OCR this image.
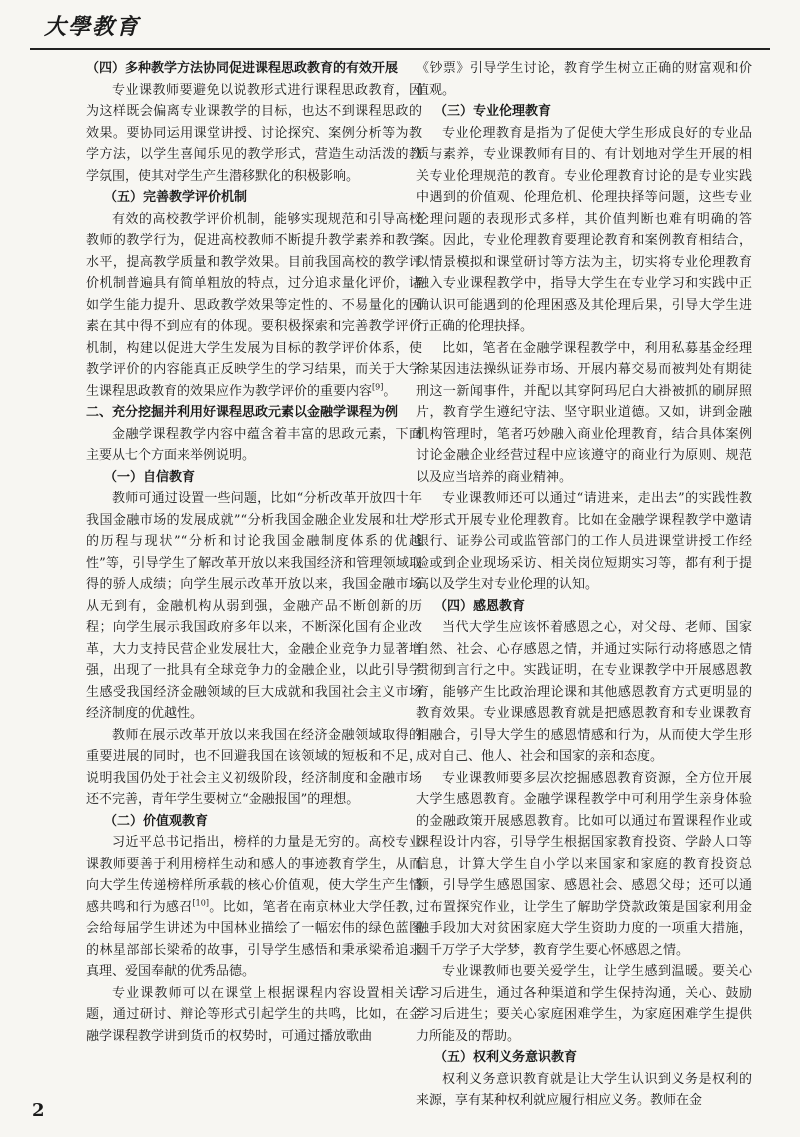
大學教育

（四）多种教学方法协同促进课程思政教育的有效开展

专业课教师要避免以说教形式进行课程思政教育，因为这样既会偏离专业课教学的目标，也达不到课程思政的效果。要协同运用课堂讲授、讨论探究、案例分析等为教学方法，以学生喜闻乐见的教学形式，营造生动活泼的教学氛围，使其对学生产生潜移默化的积极影响。

（五）完善教学评价机制

有效的高校教学评价机制，能够实现规范和引导高校教师的教学行为，促进高校教师不断提升教学素养和教学水平，提高教学质量和教学效果。目前我国高校的教学评价机制普遍具有简单粗放的特点，过分追求量化评价，诸如学生能力提升、思政教学效果等定性的、不易量化的因素在其中得不到应有的体现。要积极探索和完善教学评价机制，构建以促进大学生发展为目标的教学评价体系，使教学评价的内容能真正反映学生的学习结果，而关于大学生课程思政教育的效果应作为教学评价的重要内容[9]。

二、充分挖掘并利用好课程思政元素以金融学课程为例

金融学课程教学内容中蕴含着丰富的思政元素，下面主要从七个方面来举例说明。

（一）自信教育

教师可通过设置一些问题，比如“分析改革开放四十年我国金融市场的发展成就”“分析我国金融企业发展和壮大的历程与现状”“分析和讨论我国金融制度体系的优越性”等，引导学生了解改革开放以来我国经济和管理领域取得的骄人成绩；向学生展示改革开放以来，我国金融市场从无到有，金融机构从弱到强，金融产品不断创新的历程；向学生展示我国政府多年以来，不断深化国有企业改革，大力支持民营企业发展壮大，金融企业竞争力显著增强，出现了一批具有全球竞争力的金融企业，以此引导学生感受我国经济金融领域的巨大成就和我国社会主义市场经济制度的优越性。

教师在展示改革开放以来我国在经济金融领域取得的重要进展的同时，也不回避我国在该领域的短板和不足，说明我国仍处于社会主义初级阶段，经济制度和金融市场还不完善，青年学生要树立“金融报国”的理想。

（二）价值观教育

习近平总书记指出，榜样的力量是无穷的。高校专业课教师要善于利用榜样生动和感人的事迹教育学生，从而向大学生传递榜样所承载的核心价值观，使大学生产生情感共鸣和行为感召[10]。比如，笔者在南京林业大学任教，会给每届学生讲述为中国林业描绘了一幅宏伟的绿色蓝图的林星部部长梁希的故事，引导学生感悟和秉承梁希追求真理、爱国奉献的优秀品德。

专业课教师可以在课堂上根据课程内容设置相关话题，通过研讨、辩论等形式引起学生的共鸣，比如，在金融学课程教学讲到货币的权势时，可通过播放歌曲

《钞票》引导学生讨论，教育学生树立正确的财富观和价值观。

（三）专业伦理教育

专业伦理教育是指为了促使大学生形成良好的专业品质与素养，专业课教师有目的、有计划地对学生开展的相关专业伦理规范的教育。专业伦理教育讨论的是专业实践中遇到的价值观、伦理危机、伦理抉择等问题，这些专业伦理问题的表现形式多样，其价值判断也难有明确的答案。因此，专业伦理教育要理论教育和案例教育相结合，以情景模拟和课堂研讨等方法为主，切实将专业伦理教育融入专业课程教学中，指导大学生在专业学习和实践中正确认识可能遇到的伦理困惑及其伦理后果，引导大学生进行正确的伦理抉择。

比如，笔者在金融学课程教学中，利用私募基金经理徐某因违法操纵证券市场、开展内幕交易而被判处有期徒刑这一新闻事件，并配以其穿阿玛尼白大褂被抓的刷屏照片，教育学生遵纪守法、坚守职业道德。又如，讲到金融机构管理时，笔者巧妙融入商业伦理教育，结合具体案例讨论金融企业经营过程中应该遵守的商业行为原则、规范以及应当培养的商业精神。

专业课教师还可以通过“请进来，走出去”的实践性教学形式开展专业伦理教育。比如在金融学课程教学中邀请银行、证券公司或监管部门的工作人员进课堂讲授工作经验或到企业现场采访、相关岗位短期实习等，都有利于提高以及学生对专业伦理的认知。

（四）感恩教育

当代大学生应该怀着感恩之心，对父母、老师、国家自然、社会、心存感恩之情，并通过实际行动将感恩之情贯彻到言行之中。实践证明，在专业课教学中开展感恩教育，能够产生比政治理论课和其他感恩教育方式更明显的教育效果。专业课感恩教育就是把感恩教育和专业课教育相融合，引导大学生的感恩情感和行为，从而使大学生形成对自己、他人、社会和国家的亲和态度。

专业课教师要多层次挖掘感恩教育资源，全方位开展大学生感恩教育。金融学课程教学中可利用学生亲身体验的金融政策开展感恩教育。比如可以通过布置课程作业或课程设计内容，引导学生根据国家教育投资、学龄人口等信息，计算大学生自小学以来国家和家庭的教育投资总额，引导学生感恩国家、感恩社会、感恩父母；还可以通过布置探究作业，让学生了解助学贷款政策是国家利用金融手段加大对贫困家庭大学生资助力度的一项重大措施，圆千万学子大学梦，教育学生要心怀感恩之情。

专业课教师也要关爱学生，让学生感到温暖。要关心学习后进生，通过各种渠道和学生保持沟通，关心、鼓励学习后进生；要关心家庭困难学生，为家庭困难学生提供力所能及的帮助。

（五）权利义务意识教育

权利义务意识教育就是让大学生认识到义务是权利的来源，享有某种权利就应履行相应义务。教师在金

2
